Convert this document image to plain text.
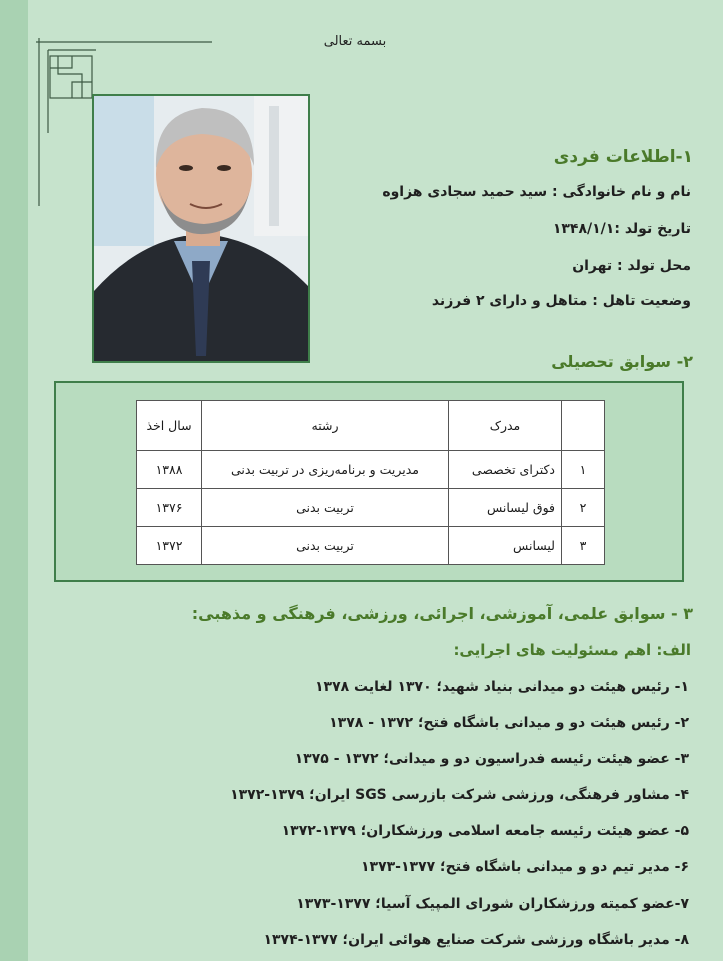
بسمه تعالی
۱-اطلاعات فردی
نام و نام خانوادگی : سید حمید سجادی هزاوه
تاریخ تولد :۱۳۴۸/۱/۱
محل تولد : تهران
وضعیت تاهل : متاهل و دارای ۲ فرزند
۲- سوابق تحصیلی
	مدرک	رشته	سال اخذ
۱	دکترای تخصصی	مدیریت و برنامه‌ریزی در تربیت بدنی	۱۳۸۸
۲	فوق لیسانس	تربیت بدنی	۱۳۷۶
۳	لیسانس	تربیت بدنی	۱۳۷۲
۳ - سوابق علمی، آموزشی، اجرائی، ورزشی، فرهنگی و مذهبی:
الف: اهم مسئولیت های اجرایی:
۱- رئیس هیئت دو میدانی بنیاد شهید؛ ۱۳۷۰ لغایت ۱۳۷۸
۲- رئیس هیئت دو و میدانی باشگاه فتح؛ ۱۳۷۲ - ۱۳۷۸
۳- عضو هیئت رئیسه فدراسیون دو و میدانی؛ ۱۳۷۲ - ۱۳۷۵
۴- مشاور فرهنگی، ورزشی شرکت بازرسی SGS ایران؛ ۱۳۷۹-۱۳۷۲
۵- عضو هیئت رئیسه جامعه اسلامی ورزشکاران؛ ۱۳۷۹-۱۳۷۲
۶- مدیر تیم دو و میدانی باشگاه فتح؛ ۱۳۷۷-۱۳۷۳
۷-عضو کمیته ورزشکاران شورای المپیک آسیا؛ ۱۳۷۷-۱۳۷۳
۸- مدیر باشگاه ورزشی شرکت صنایع هوائی ایران؛ ۱۳۷۷-۱۳۷۴
